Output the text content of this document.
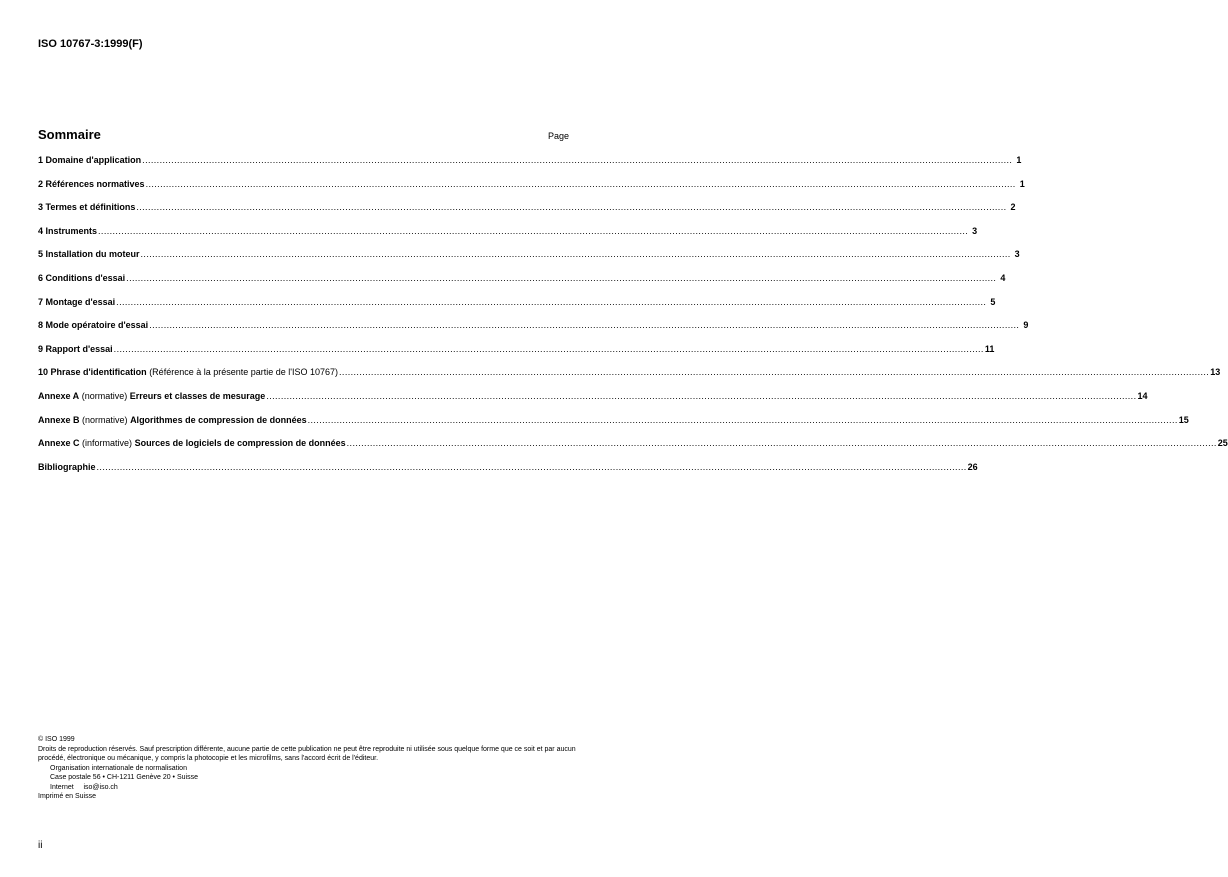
ISO 10767-3:1999(F)

Sommaire	Page
1 Domaine d'application ............................................................................................................................................................................................................................................................................................................ 1
2 Références normatives ............................................................................................................................................................................................................................................................................................................ 1
3 Termes et définitions ............................................................................................................................................................................................................................................................................................................ 2
4 Instruments ............................................................................................................................................................................................................................................................................................................ 3
5 Installation du moteur ............................................................................................................................................................................................................................................................................................................ 3
6 Conditions d'essai ............................................................................................................................................................................................................................................................................................................ 4
7 Montage d'essai ............................................................................................................................................................................................................................................................................................................ 5
8 Mode opératoire d'essai ............................................................................................................................................................................................................................................................................................................ 9
9 Rapport d'essai ............................................................................................................................................................................................................................................................................................................ 11
10 Phrase d'identification (Référence à la présente partie de l'ISO 10767) ............................................................................................................................................................................................................................................................................................................ 13
Annexe A (normative) Erreurs et classes de mesurage ............................................................................................................................................................................................................................................................................................................ 14
Annexe B (normative) Algorithmes de compression de données ............................................................................................................................................................................................................................................................................................................ 15
Annexe C (informative) Sources de logiciels de compression de données ............................................................................................................................................................................................................................................................................................................ 25
Bibliographie ............................................................................................................................................................................................................................................................................................................ 26

© ISO 1999

Droits de reproduction réservés. Sauf prescription différente, aucune partie de cette publication ne peut être reproduite ni utilisée sous quelque forme que ce soit et par aucun procédé, électronique ou mécanique, y compris la photocopie et les microfilms, sans l'accord écrit de l'éditeur.

Organisation internationale de normalisation

Case postale 56 • CH-1211 Genève 20 • Suisse

Internet     iso@iso.ch

Imprimé en Suisse

ii
